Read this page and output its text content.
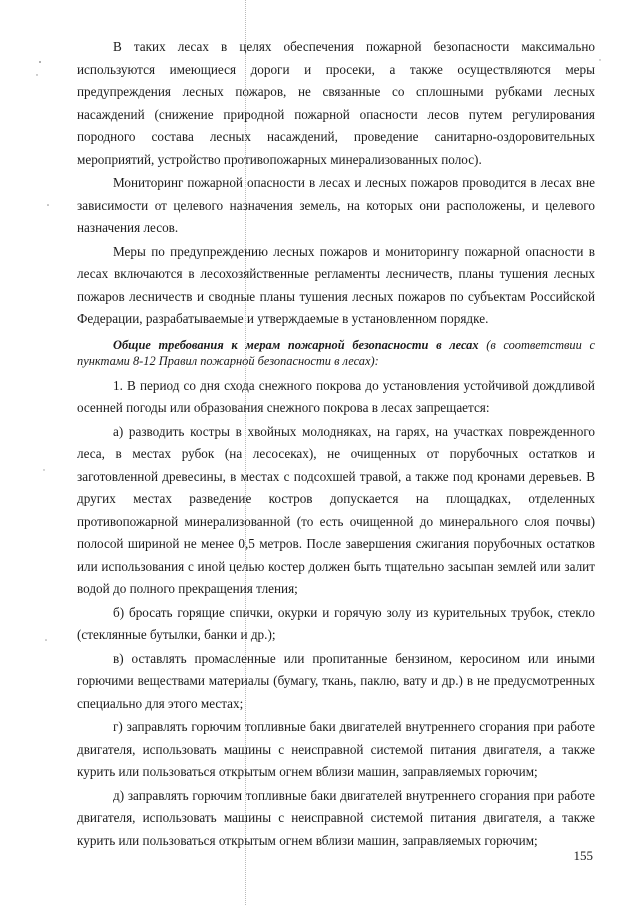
В таких лесах в целях обеспечения пожарной безопасности максимально используются имеющиеся дороги и просеки, а также осуществляются меры предупреждения лесных пожаров, не связанные со сплошными рубками лесных насаждений (снижение природной пожарной опасности лесов путем регулирования породного состава лесных насаждений, проведение санитарно-оздоровительных мероприятий, устройство противопожарных минерализованных полос).

Мониторинг пожарной опасности в лесах и лесных пожаров проводится в лесах вне зависимости от целевого назначения земель, на которых они расположены, и целевого назначения лесов.

Меры по предупреждению лесных пожаров и мониторингу пожарной опасности в лесах включаются в лесохозяйственные регламенты лесничеств, планы тушения лесных пожаров лесничеств и сводные планы тушения лесных пожаров по субъектам Российской Федерации, разрабатываемые и утверждаемые в установленном порядке.

Общие требования к мерам пожарной безопасности в лесах (в соответствии с пунктами 8-12 Правил пожарной безопасности в лесах):

1. В период со дня схода снежного покрова до установления устойчивой дождливой осенней погоды или образования снежного покрова в лесах запрещается:

а) разводить костры в хвойных молодняках, на гарях, на участках поврежденного леса, в местах рубок (на лесосеках), не очищенных от порубочных остатков и заготовленной древесины, в местах с подсохшей травой, а также под кронами деревьев. В других местах разведение костров допускается на площадках, отделенных противопожарной минерализованной (то есть очищенной до минерального слоя почвы) полосой шириной не менее 0,5 метров. После завершения сжигания порубочных остатков или использования с иной целью костер должен быть тщательно засыпан землей или залит водой до полного прекращения тления;

б) бросать горящие спички, окурки и горячую золу из курительных трубок, стекло (стеклянные бутылки, банки и др.);

в) оставлять промасленные или пропитанные бензином, керосином или иными горючими веществами материалы (бумагу, ткань, паклю, вату и др.) в не предусмотренных специально для этого местах;

г) заправлять горючим топливные баки двигателей внутреннего сгорания при работе двигателя, использовать машины с неисправной системой питания двигателя, а также курить или пользоваться открытым огнем вблизи машин, заправляемых горючим;

д) заправлять горючим топливные баки двигателей внутреннего сгорания при работе двигателя, использовать машины с неисправной системой питания двигателя, а также курить или пользоваться открытым огнем вблизи машин, заправляемых горючим;

155
